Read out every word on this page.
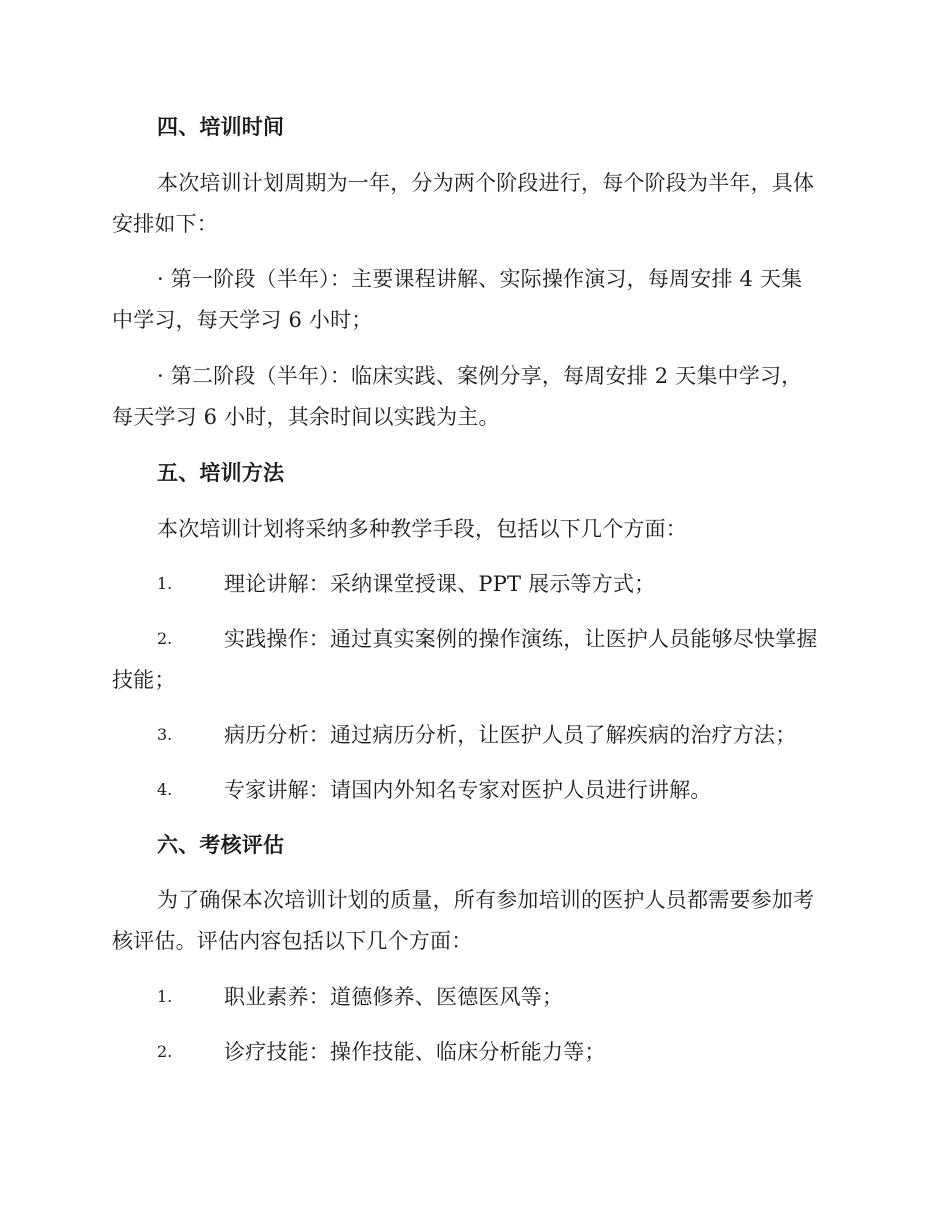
四、培训时间
本次培训计划周期为一年，分为两个阶段进行，每个阶段为半年，具体
安排如下：
· 第一阶段（半年）：主要课程讲解、实际操作演习，每周安排 4 天集
中学习，每天学习 6 小时；
· 第二阶段（半年）：临床实践、案例分享，每周安排 2 天集中学习，
每天学习 6 小时，其余时间以实践为主。
五、培训方法
本次培训计划将采纳多种教学手段，包括以下几个方面：
1. 理论讲解：采纳课堂授课、PPT 展示等方式；
2. 实践操作：通过真实案例的操作演练，让医护人员能够尽快掌握
技能；
3. 病历分析：通过病历分析，让医护人员了解疾病的治疗方法；
4. 专家讲解：请国内外知名专家对医护人员进行讲解。
六、考核评估
为了确保本次培训计划的质量，所有参加培训的医护人员都需要参加考
核评估。评估内容包括以下几个方面：
1. 职业素养：道德修养、医德医风等；
2. 诊疗技能：操作技能、临床分析能力等；
